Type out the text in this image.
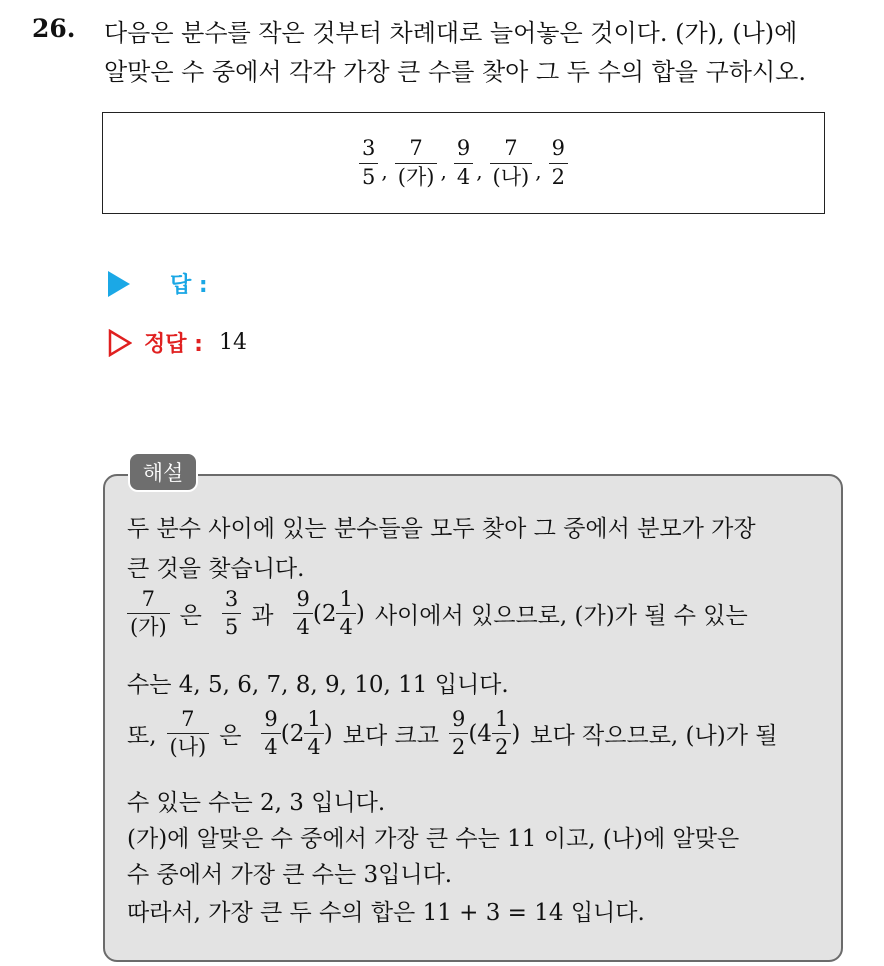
26. 다음은 분수를 작은 것부터 차례대로 늘어놓은 것이다. (가), (나)에
알맞은 수 중에서 각각 가장 큰 수를 찾아 그 두 수의 합을 구하시오.
$\frac{3}{5}$ , $\frac{7}{\text{(가)}}$ , $\frac{9}{4}$ , $\frac{7}{\text{(나)}}$ , $\frac{9}{2}$
답 :
정답 : 14
해설
두 분수 사이에 있는 분수들을 모두 찾아 그 중에서 분모가 가장
큰 것을 찾습니다.
$\frac{7}{\text{(가)}}$ 은 $\frac{3}{5}$ 과 $\frac{9}{4} (2 \frac{1}{4}$ ) 사이에서 있으므로, (가)가 될 수 있는
수는 4, 5, 6, 7, 8, 9, 10, 11 입니다.
또, $\frac{7}{\text{(나)}}$ 은 $\frac{9}{4} (2 \frac{1}{4}$ ) 보다 크고 $\frac{9}{2} (4 \frac{1}{2}$ ) 보다 작으므로, (나)가 될
수 있는 수는 2, 3 입니다.
(가)에 알맞은 수 중에서 가장 큰 수는 11 이고, (나)에 알맞은
수 중에서 가장 큰 수는 3입니다.
따라서, 가장 큰 두 수의 합은 11 + 3 = 14 입니다.
